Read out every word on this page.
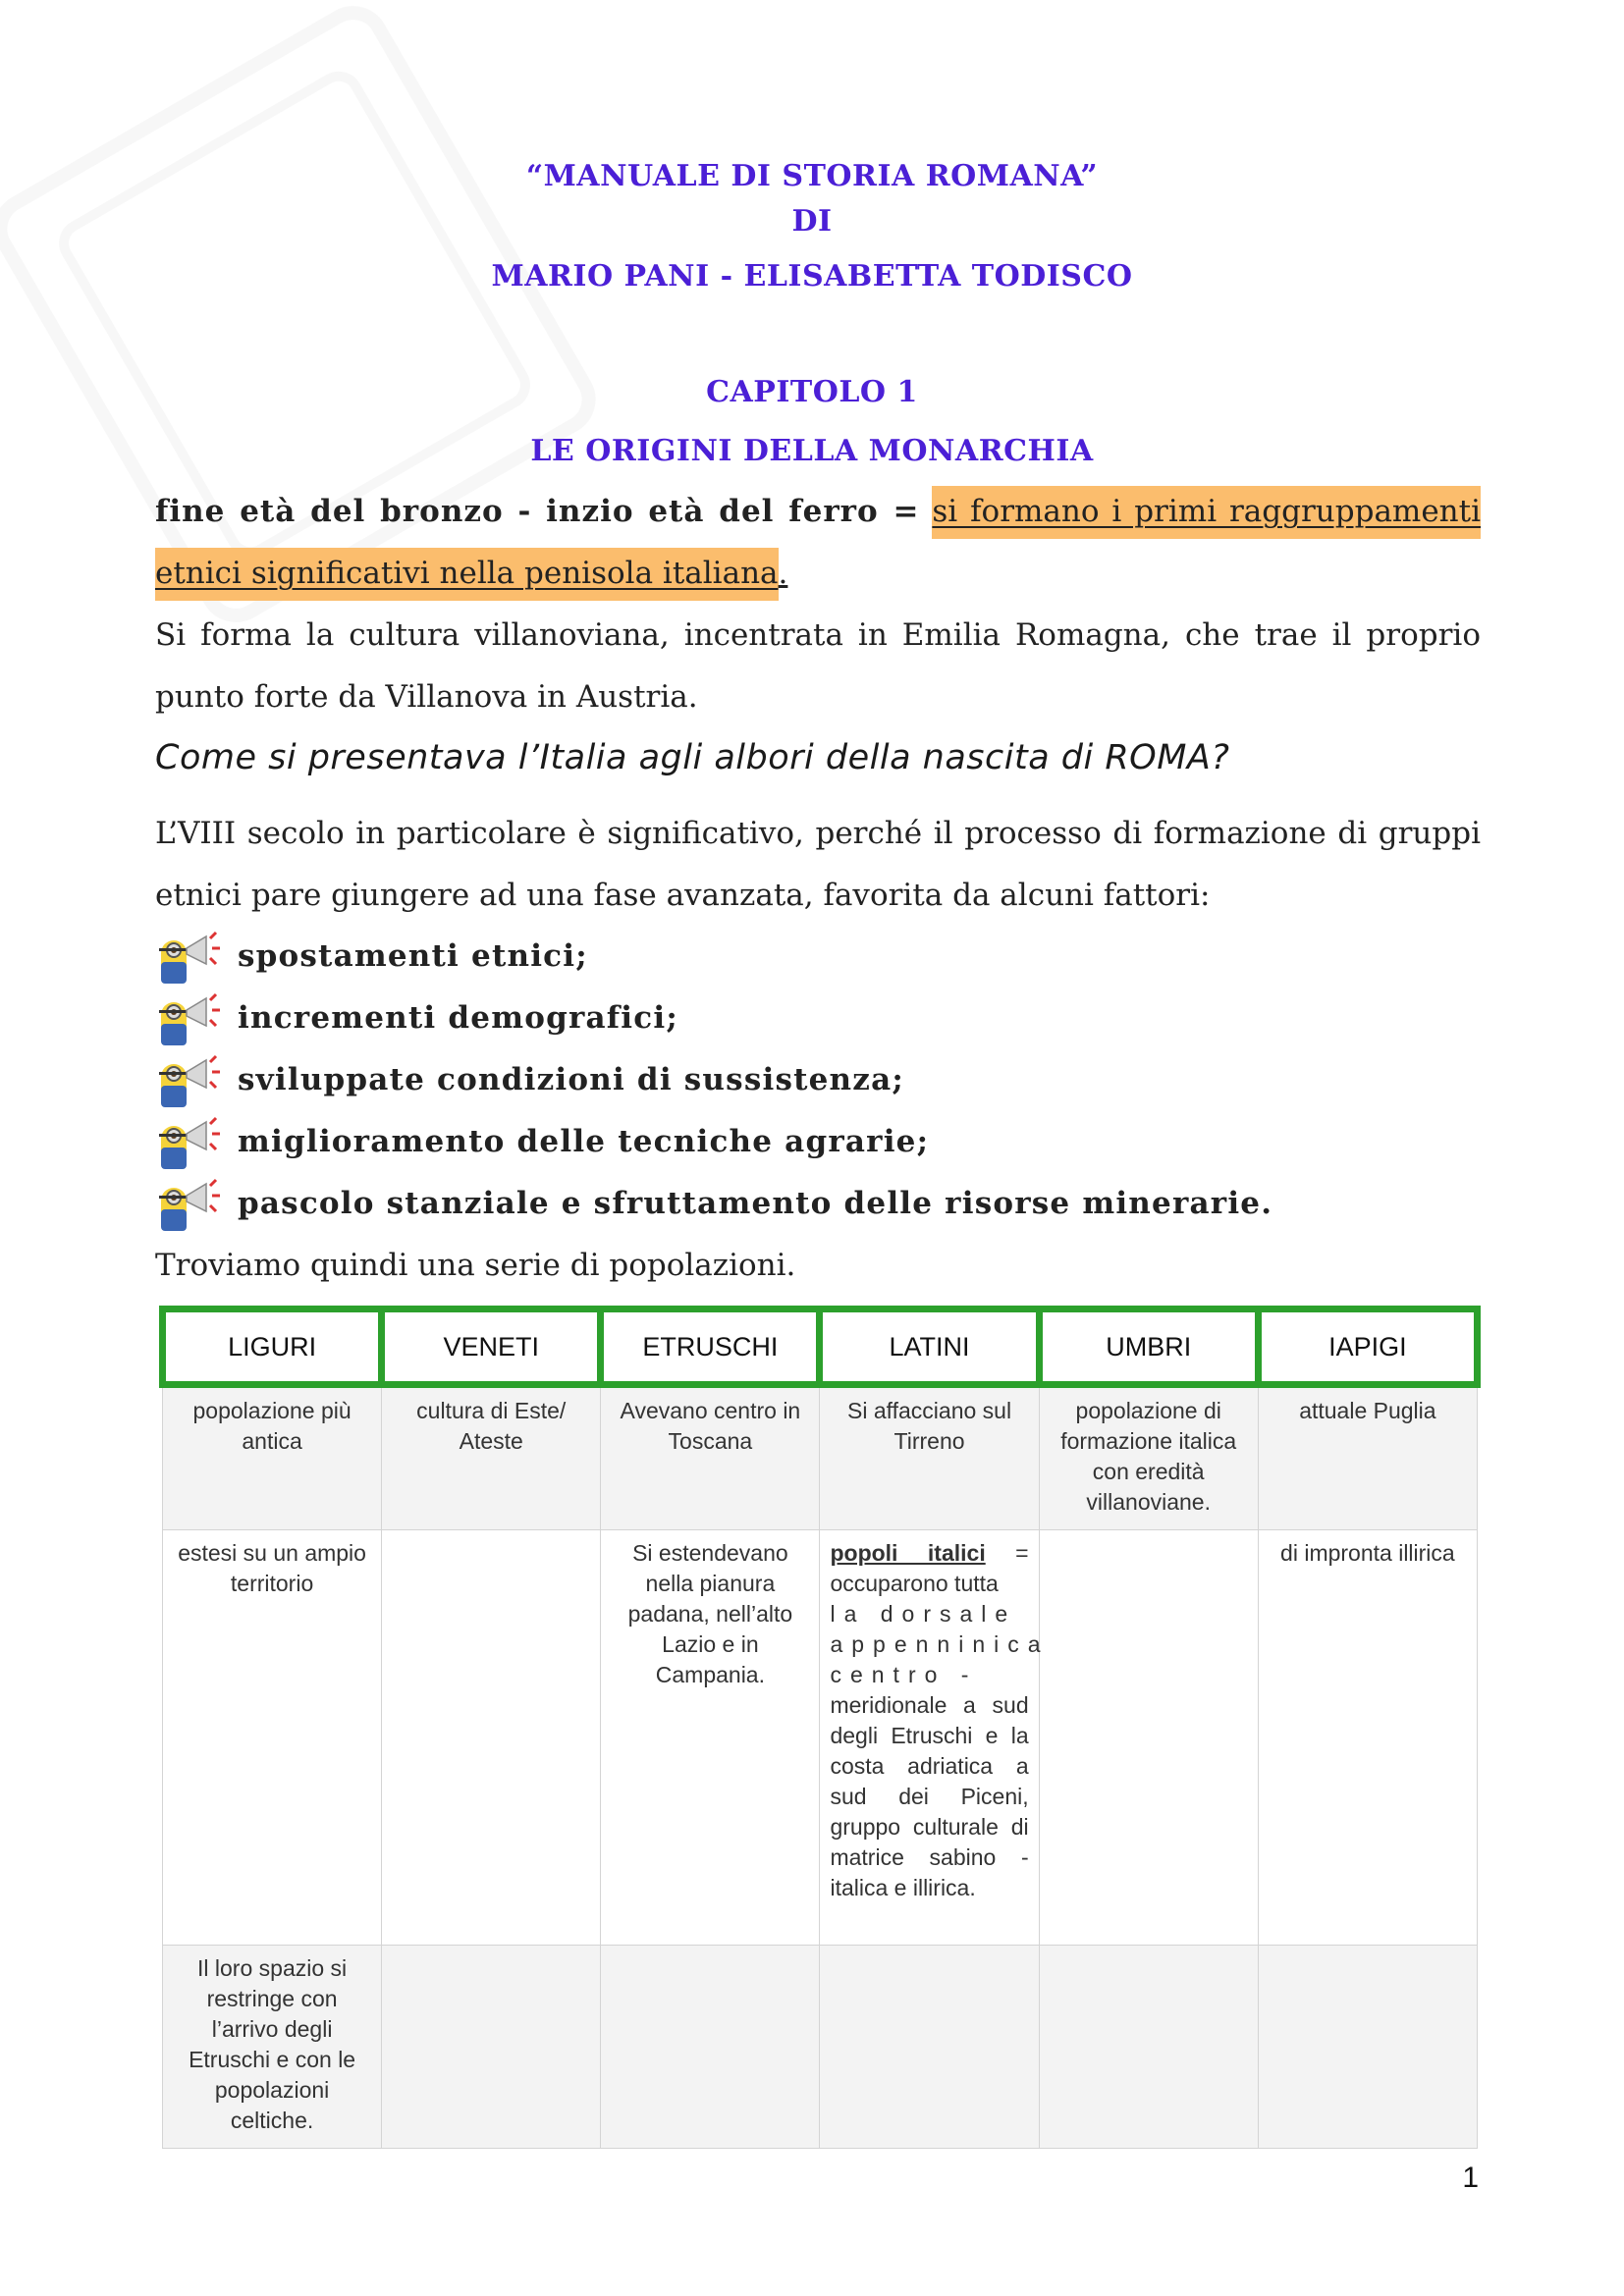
“MANUALE DI STORIA ROMANA”
DI
MARIO PANI - ELISABETTA TODISCO
CAPITOLO 1
LE ORIGINI DELLA MONARCHIA
fine età del bronzo - inzio età del ferro = si formano i primi raggruppamenti etnici significativi nella penisola italiana.
Si forma la cultura villanoviana, incentrata in Emilia Romagna, che trae il proprio punto forte da Villanova in Austria.
Come si presentava l’Italia agli albori della nascita di ROMA?
L’VIII secolo in particolare è significativo, perché il processo di formazione di gruppi etnici pare giungere ad una fase avanzata, favorita da alcuni fattori:
spostamenti etnici;
incrementi demografici;
sviluppate condizioni di sussistenza;
miglioramento delle tecniche agrarie;
pascolo stanziale e sfruttamento delle risorse minerarie.
Troviamo quindi una serie di popolazioni.
LIGURI	VENETI	ETRUSCHI	LATINI	UMBRI	IAPIGI
popolazione più antica	cultura di Este/ Ateste	Avevano centro in Toscana	Si affacciano sul Tirreno	popolazione di formazione italica con eredità villanoviane.	attuale Puglia
estesi su un ampio territorio		Si estendevano nella pianura padana, nell’alto Lazio e in Campania.	popoli italici = occuparono tutta
la dorsale
appenninica
centro -
meridionale a sud degli Etruschi e la costa adriatica a sud dei Piceni, gruppo culturale di matrice sabino - italica e illirica.		di impronta illirica
Il loro spazio si restringe con l’arrivo degli Etruschi e con le popolazioni celtiche.					
1
